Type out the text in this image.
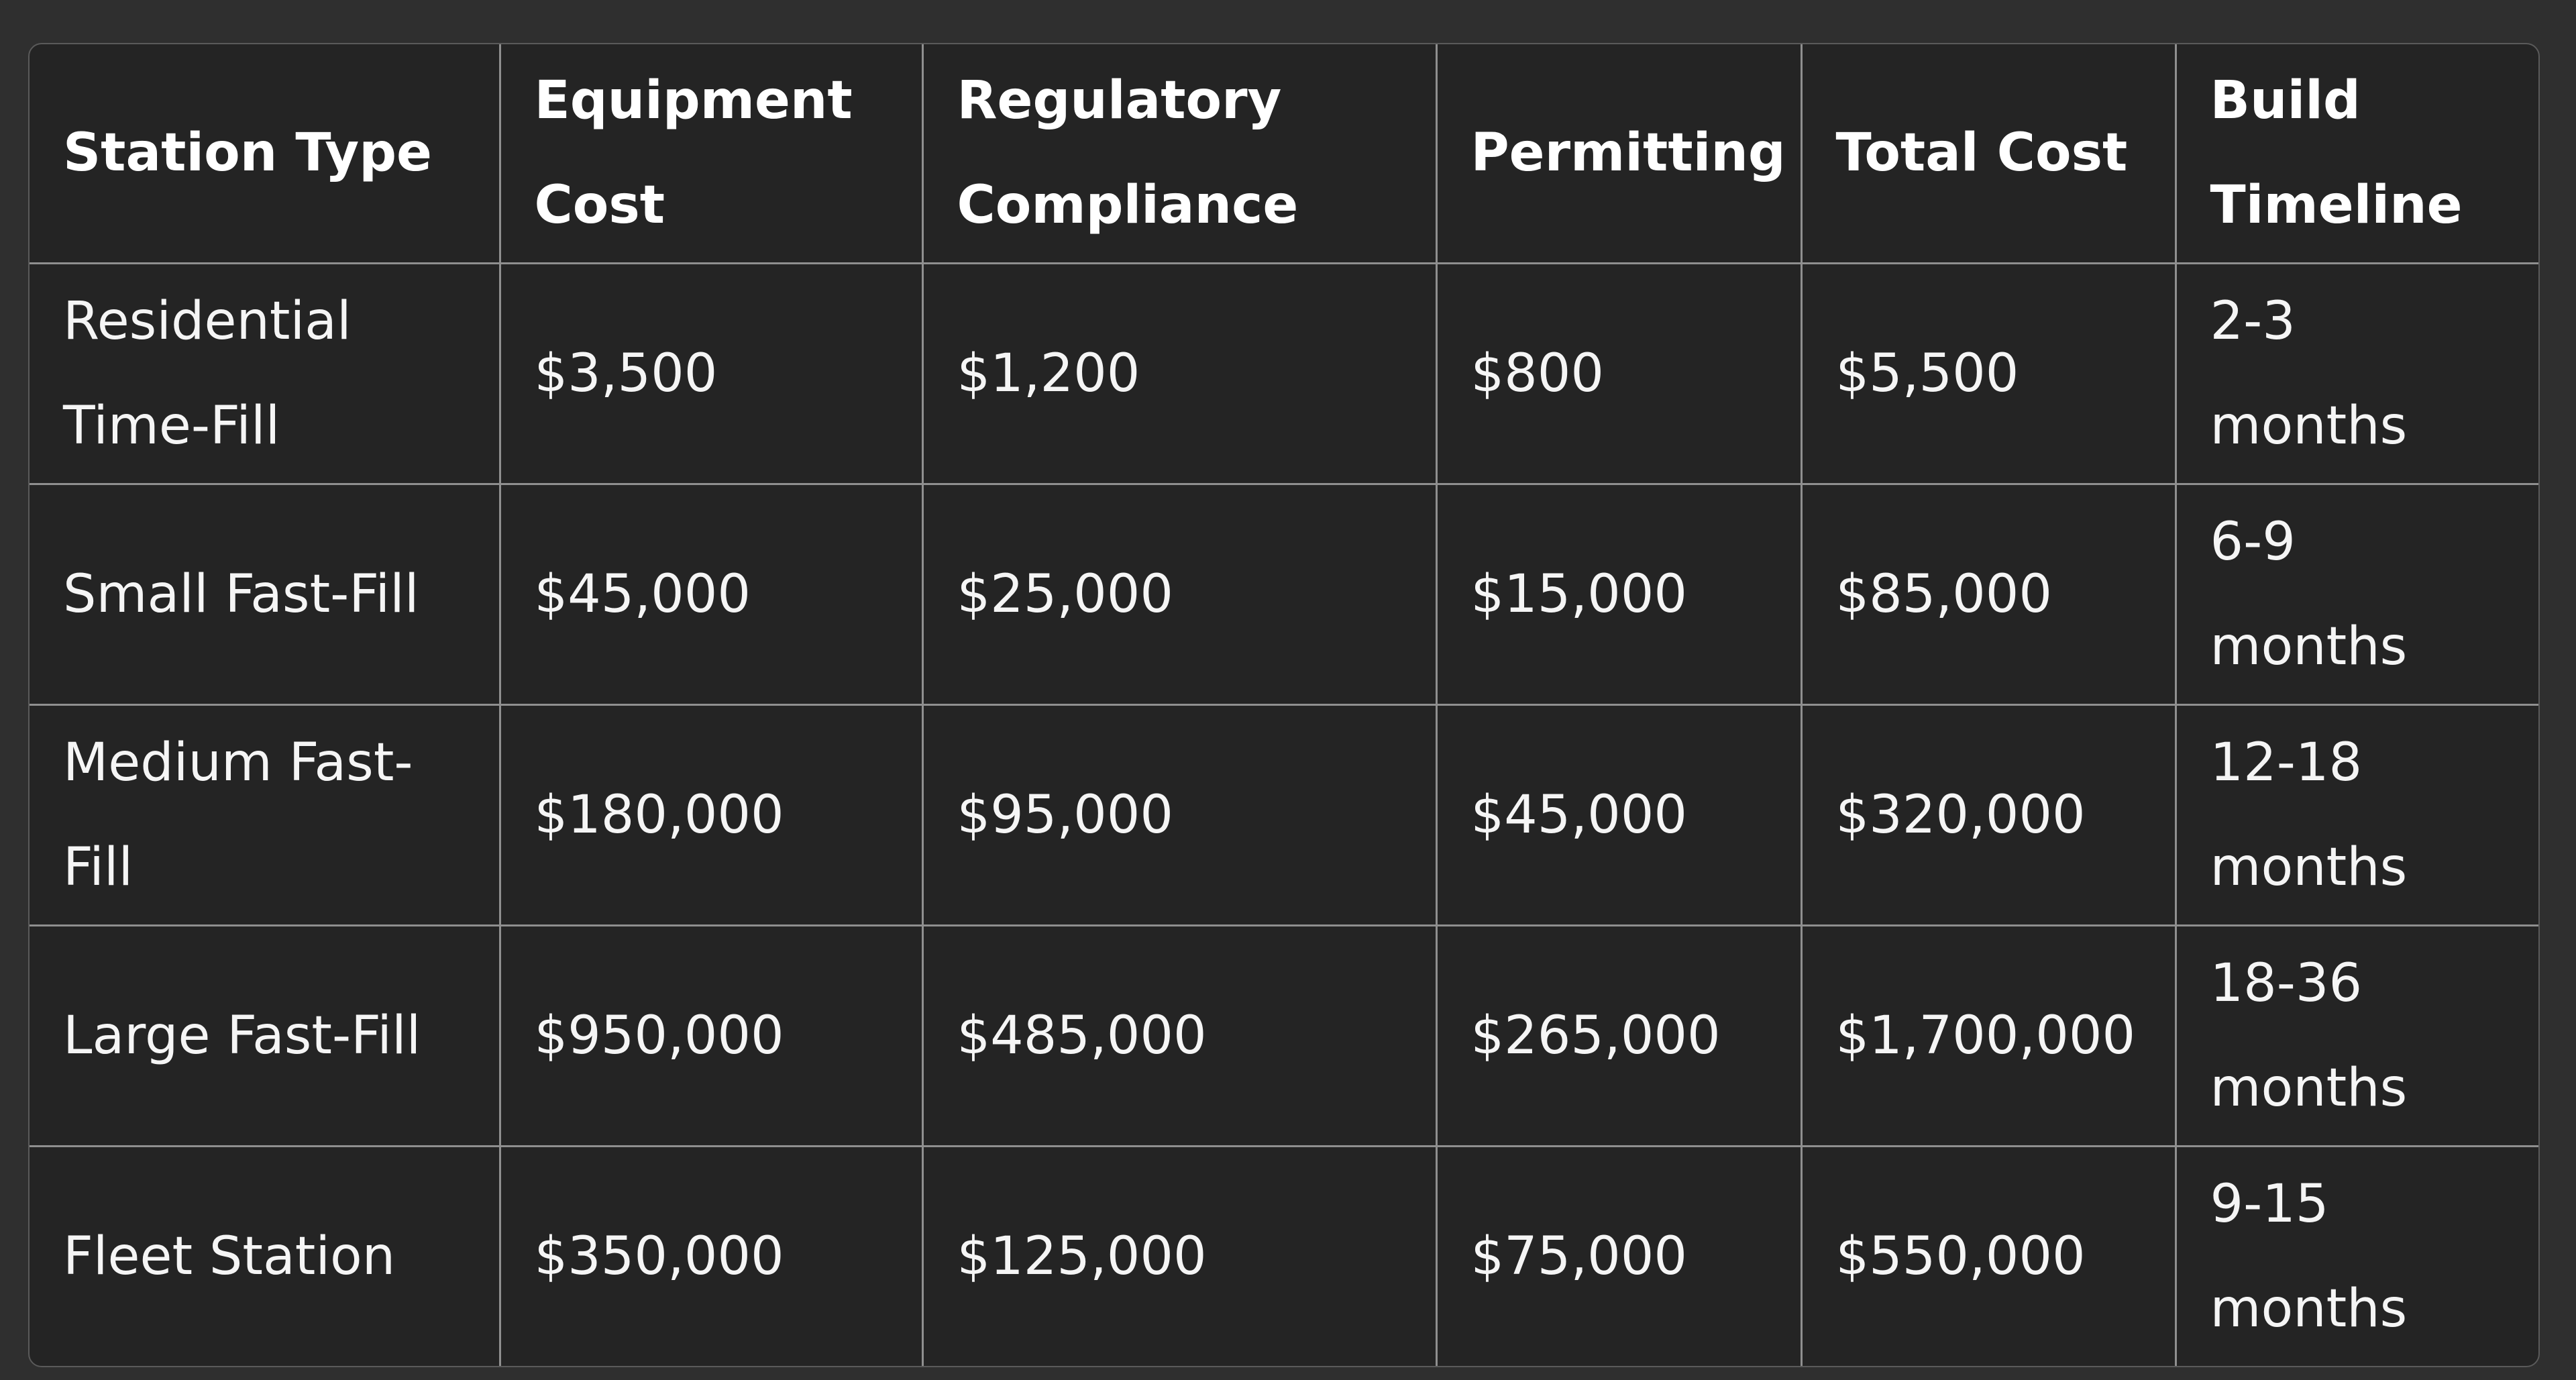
Station Type	Equipment Cost	Regulatory Compliance	Permitting	Total Cost	Build Timeline
Residential Time-Fill	$3,500	$1,200	$800	$5,500	2-3 months
Small Fast-Fill	$45,000	$25,000	$15,000	$85,000	6-9 months
Medium Fast-Fill	$180,000	$95,000	$45,000	$320,000	12-18 months
Large Fast-Fill	$950,000	$485,000	$265,000	$1,700,000	18-36 months
Fleet Station	$350,000	$125,000	$75,000	$550,000	9-15 months
